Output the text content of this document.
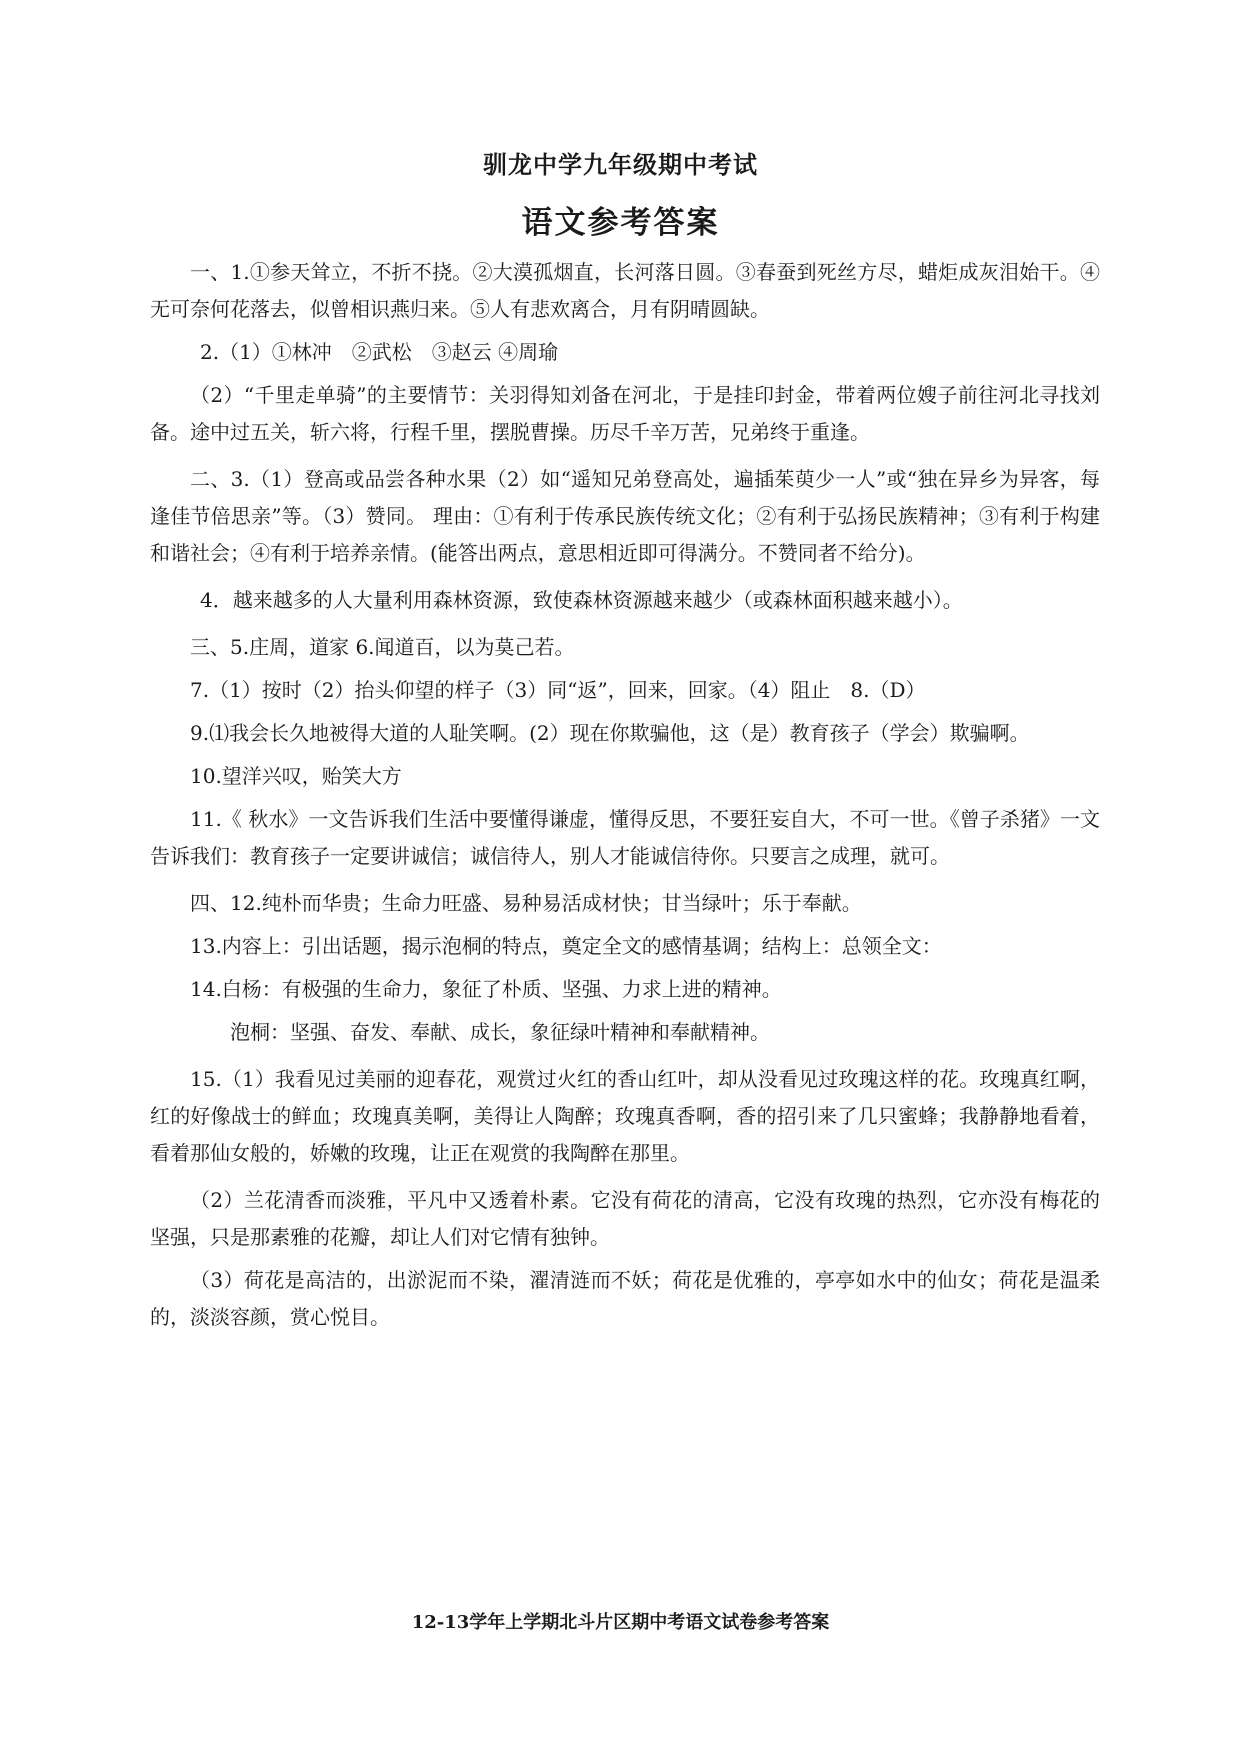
驯龙中学九年级期中考试
语文参考答案

一、1.①参天耸立，不折不挠。②大漠孤烟直，长河落日圆。③春蚕到死丝方尽，蜡炬成灰泪始干。④无可奈何花落去，似曾相识燕归来。⑤人有悲欢离合，月有阴晴圆缺。

2.（1）①林冲　②武松　③赵云 ④周瑜

（2）“千里走单骑”的主要情节：关羽得知刘备在河北，于是挂印封金，带着两位嫂子前往河北寻找刘备。途中过五关，斩六将，行程千里，摆脱曹操。历尽千辛万苦，兄弟终于重逢。

二、3.（1）登高或品尝各种水果（2）如“遥知兄弟登高处，遍插茱萸少一人”或“独在异乡为异客，每逢佳节倍思亲”等。（3）赞同。 理由：①有利于传承民族传统文化；②有利于弘扬民族精神；③有利于构建和谐社会；④有利于培养亲情。(能答出两点，意思相近即可得满分。不赞同者不给分)。

4．越来越多的人大量利用森林资源，致使森林资源越来越少（或森林面积越来越小）。

三、5.庄周，道家 6.闻道百，以为莫己若。

7.（1）按时（2）抬头仰望的样子（3）同“返”，回来，回家。（4）阻止　8.（D）

9.⑴我会长久地被得大道的人耻笑啊。(2）现在你欺骗他，这（是）教育孩子（学会）欺骗啊。

10.望洋兴叹，贻笑大方

11.《 秋水》一文告诉我们生活中要懂得谦虚，懂得反思，不要狂妄自大，不可一世。《曾子杀猪》一文告诉我们：教育孩子一定要讲诚信；诚信待人，别人才能诚信待你。只要言之成理，就可。

四、12.纯朴而华贵；生命力旺盛、易种易活成材快；甘当绿叶；乐于奉献。

13.内容上：引出话题，揭示泡桐的特点，奠定全文的感情基调；结构上：总领全文：

14.白杨：有极强的生命力，象征了朴质、坚强、力求上进的精神。

泡桐：坚强、奋发、奉献、成长，象征绿叶精神和奉献精神。

15.（1）我看见过美丽的迎春花，观赏过火红的香山红叶，却从没看见过玫瑰这样的花。玫瑰真红啊，红的好像战士的鲜血；玫瑰真美啊，美得让人陶醉；玫瑰真香啊，香的招引来了几只蜜蜂；我静静地看着，看着那仙女般的，娇嫩的玫瑰，让正在观赏的我陶醉在那里。

（2）兰花清香而淡雅，平凡中又透着朴素。它没有荷花的清高，它没有玫瑰的热烈，它亦没有梅花的坚强，只是那素雅的花瓣，却让人们对它情有独钟。

（3）荷花是高洁的，出淤泥而不染，濯清涟而不妖；荷花是优雅的，亭亭如水中的仙女；荷花是温柔的，淡淡容颜，赏心悦目。

12-13学年上学期北斗片区期中考语文试卷参考答案
